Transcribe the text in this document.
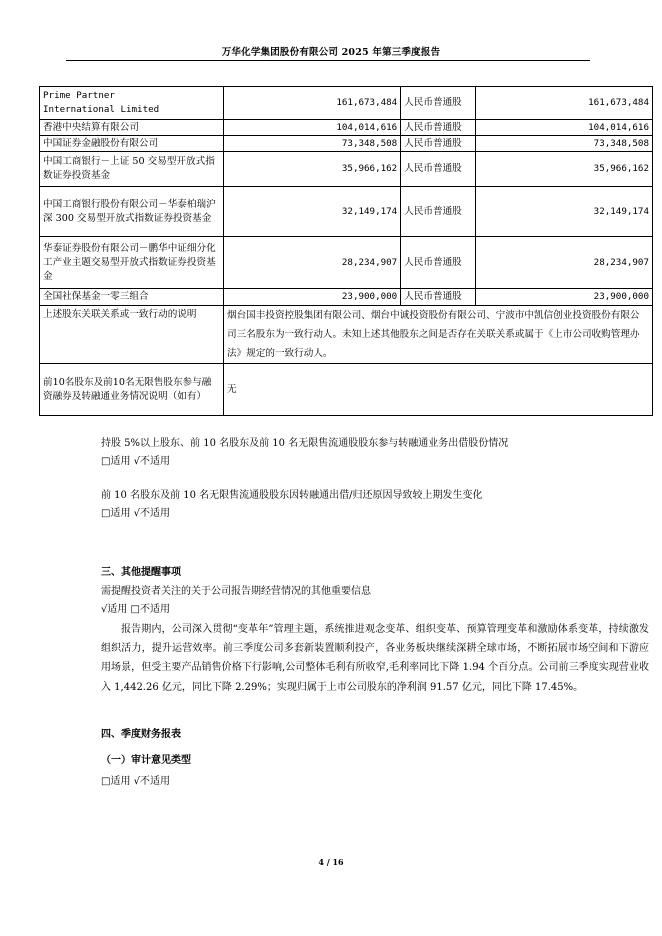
万华化学集团股份有限公司 2025 年第三季度报告
Prime Partner
International Limited	161,673,484	人民币普通股	161,673,484
香港中央结算有限公司	104,014,616	人民币普通股	104,014,616
中国证券金融股份有限公司	73,348,508	人民币普通股	73,348,508
中国工商银行－上证 50 交易型开放式指数证券投资基金	35,966,162	人民币普通股	35,966,162
中国工商银行股份有限公司－华泰柏瑞沪深 300 交易型开放式指数证券投资基金	32,149,174	人民币普通股	32,149,174
华泰证券股份有限公司－鹏华中证细分化工产业主题交易型开放式指数证券投资基金	28,234,907	人民币普通股	28,234,907
全国社保基金一零三组合	23,900,000	人民币普通股	23,900,000
上述股东关联关系或一致行动的说明	烟台国丰投资控股集团有限公司、烟台中诚投资股份有限公司、宁波市中凯信创业投资股份有限公司三名股东为一致行动人。未知上述其他股东之间是否存在关联关系或属于《上市公司收购管理办法》规定的一致行动人。		
前10名股东及前10名无限售股东参与融资融券及转融通业务情况说明（如有）	无		
持股 5%以上股东、前 10 名股东及前 10 名无限售流通股股东参与转融通业务出借股份情况
□适用 √不适用
前 10 名股东及前 10 名无限售流通股股东因转融通出借/归还原因导致较上期发生变化
□适用 √不适用
三、其他提醒事项
需提醒投资者关注的关于公司报告期经营情况的其他重要信息
√适用 □不适用
报告期内，公司深入贯彻“变革年”管理主题，系统推进观念变革、组织变革、预算管理变革和激励体系变革，持续激发组织活力，提升运营效率。前三季度公司多套新装置顺利投产，各业务板块继续深耕全球市场，不断拓展市场空间和下游应用场景，但受主要产品销售价格下行影响,公司整体毛利有所收窄,毛利率同比下降 1.94 个百分点。公司前三季度实现营业收入 1,442.26 亿元，同比下降 2.29%；实现归属于上市公司股东的净利润 91.57 亿元，同比下降 17.45%。
四、季度财务报表
（一）审计意见类型
□适用 √不适用
4 / 16
